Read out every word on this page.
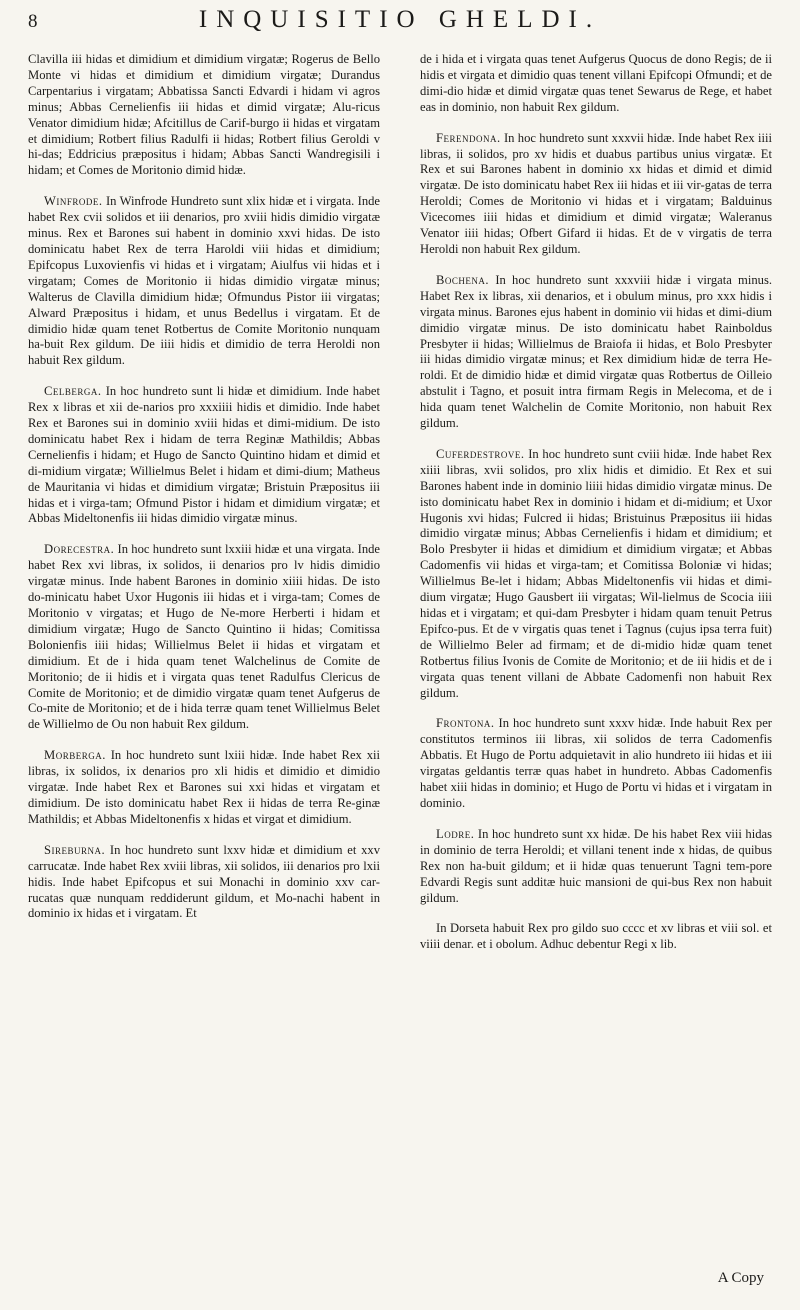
8	INQUISITIO GHELDI.

Clavilla iii hidas et dimidium et dimidium virgatæ; Rogerus de Bello Monte vi hidas et dimidium et dimidium virgatæ; Durandus Carpentarius i virgatam; Abbatissa Sancti Edvardi i hidam vi agros minus; Abbas Cernelienfis iii hidas et dimid virgatæ; Alu-ricus Venator dimidium hidæ; Afcitillus de Carif-burgo ii hidas et virgatam et dimidium; Rotbert filius Radulfi ii hidas; Rotbert filius Geroldi v hi-das; Eddricius præpositus i hidam; Abbas Sancti Wandregisili i hidam; et Comes de Moritonio dimid hidæ.

Winfrode. In Winfrode Hundreto sunt xlix hidæ et i virgata. Inde habet Rex cvii solidos et iii denarios, pro xviii hidis dimidio virgatæ minus. Rex et Barones sui habent in dominio xxvi hidas. De isto dominicatu habet Rex de terra Haroldi viii hidas et dimidium; Epifcopus Luxovienfis vi hidas et i virgatam; Aiulfus vii hidas et i virgatam; Comes de Moritonio ii hidas dimidio virgatæ minus; Walterus de Clavilla dimidium hidæ; Ofmundus Pistor iii virgatas; Alward Præpositus i hidam, et unus Bedellus i virgatam. Et de dimidio hidæ quam tenet Rotbertus de Comite Moritonio nunquam ha-buit Rex gildum. De iiii hidis et dimidio de terra Heroldi non habuit Rex gildum.

Celberga. In hoc hundreto sunt li hidæ et dimidium. Inde habet Rex x libras et xii de-narios pro xxxiiii hidis et dimidio. Inde habet Rex et Barones sui in dominio xviii hidas et dimi-midium. De isto dominicatu habet Rex i hidam de terra Reginæ Mathildis; Abbas Cernelienfis i hidam; et Hugo de Sancto Quintino hidam et dimid et di-midium virgatæ; Willielmus Belet i hidam et dimi-dium; Matheus de Mauritania vi hidas et dimidium virgatæ; Bristuin Præpositus iii hidas et i virga-tam; Ofmund Pistor i hidam et dimidium virgatæ; et Abbas Mideltonenfis iii hidas dimidio virgatæ minus.

Dorecestra. In hoc hundreto sunt lxxiii hidæ et una virgata. Inde habet Rex xvi libras, ix solidos, ii denarios pro lv hidis dimidio virgatæ minus. Inde habent Barones in dominio xiiii hidas. De isto do-minicatu habet Uxor Hugonis iii hidas et i virga-tam; Comes de Moritonio v virgatas; et Hugo de Ne-more Herberti i hidam et dimidium virgatæ; Hugo de Sancto Quintino ii hidas; Comitissa Bolonienfis iiii hidas; Willielmus Belet ii hidas et virgatam et dimidium. Et de i hida quam tenet Walchelinus de Comite de Moritonio; de ii hidis et i virgata quas tenet Radulfus Clericus de Comite de Moritonio; et de dimidio virgatæ quam tenet Aufgerus de Co-mite de Moritonio; et de i hida terræ quam tenet Willielmus Belet de Willielmo de Ou non habuit Rex gildum.

Morberga. In hoc hundreto sunt lxiii hidæ. Inde habet Rex xii libras, ix solidos, ix denarios pro xli hidis et dimidio et dimidio virgatæ. Inde habet Rex et Barones sui xxi hidas et virgatam et dimidium. De isto dominicatu habet Rex ii hidas de terra Re-ginæ Mathildis; et Abbas Mideltonenfis x hidas et virgat et dimidium.

Sireburna. In hoc hundreto sunt lxxv hidæ et dimidium et xxv carrucatæ. Inde habet Rex xviii libras, xii solidos, iii denarios pro lxii hidis. Inde habet Epifcopus et sui Monachi in dominio xxv car-rucatas quæ nunquam reddiderunt gildum, et Mo-nachi habent in dominio ix hidas et i virgatam. Et

de i hida et i virgata quas tenet Aufgerus Quocus de dono Regis; de ii hidis et virgata et dimidio quas tenent villani Epifcopi Ofmundi; et de dimi-dio hidæ et dimid virgatæ quas tenet Sewarus de Rege, et habet eas in dominio, non habuit Rex gildum.

Ferendona. In hoc hundreto sunt xxxvii hidæ. Inde habet Rex iiii libras, ii solidos, pro xv hidis et duabus partibus unius virgatæ. Et Rex et sui Barones habent in dominio xx hidas et dimid et dimid virgatæ. De isto dominicatu habet Rex iii hidas et iii vir-gatas de terra Heroldi; Comes de Moritonio vi hidas et i virgatam; Balduinus Vicecomes iiii hidas et dimidium et dimid virgatæ; Waleranus Venator iiii hidas; Ofbert Gifard ii hidas. Et de v virgatis de terra Heroldi non habuit Rex gildum.

Bochena. In hoc hundreto sunt xxxviii hidæ i virgata minus. Habet Rex ix libras, xii denarios, et i obulum minus, pro xxx hidis i virgata minus. Barones ejus habent in dominio vii hidas et dimi-dium dimidio virgatæ minus. De isto dominicatu habet Rainboldus Presbyter ii hidas; Willielmus de Braiofa ii hidas, et Bolo Presbyter iii hidas dimidio virgatæ minus; et Rex dimidium hidæ de terra He-roldi. Et de dimidio hidæ et dimid virgatæ quas Rotbertus de Oilleio abstulit i Tagno, et posuit intra firmam Regis in Melecoma, et de i hida quam tenet Walchelin de Comite Moritonio, non habuit Rex gildum.

Cuferdestrove. In hoc hundreto sunt cviii hidæ. Inde habet Rex xiiii libras, xvii solidos, pro xlix hidis et dimidio. Et Rex et sui Barones habent inde in dominio liiii hidas dimidio virgatæ minus. De isto dominicatu habet Rex in dominio i hidam et di-midium; et Uxor Hugonis xvi hidas; Fulcred ii hidas; Bristuinus Præpositus iii hidas dimidio virgatæ minus; Abbas Cernelienfis i hidam et dimidium; et Bolo Presbyter ii hidas et dimidium et dimidium virgatæ; et Abbas Cadomenfis vii hidas et virga-tam; et Comitissa Boloniæ vi hidas; Willielmus Be-let i hidam; Abbas Mideltonenfis vii hidas et dimi-dium virgatæ; Hugo Gausbert iii virgatas; Wil-lielmus de Scocia iiii hidas et i virgatam; et qui-dam Presbyter i hidam quam tenuit Petrus Epifco-pus. Et de v virgatis quas tenet i Tagnus (cujus ipsa terra fuit) de Willielmo Beler ad firmam; et de di-midio hidæ quam tenet Rotbertus filius Ivonis de Comite de Moritonio; et de iii hidis et de i virgata quas tenent villani de Abbate Cadomenfi non habuit Rex gildum.

Frontona. In hoc hundreto sunt xxxv hidæ. Inde habuit Rex per constitutos terminos iii libras, xii solidos de terra Cadomenfis Abbatis. Et Hugo de Portu adquietavit in alio hundreto iii hidas et iii virgatas geldantis terræ quas habet in hundreto. Abbas Cadomenfis habet xiii hidas in dominio; et Hugo de Portu vi hidas et i virgatam in dominio.

Lodre. In hoc hundreto sunt xx hidæ. De his habet Rex viii hidas in dominio de terra Heroldi; et villani tenent inde x hidas, de quibus Rex non ha-buit gildum; et ii hidæ quas tenuerunt Tagni tem-pore Edvardi Regis sunt additæ huic mansioni de qui-bus Rex non habuit gildum.

In Dorseta habuit Rex pro gildo suo cccc et xv libras et viii sol. et viiii denar. et i obolum. Adhuc debentur Regi x lib.

A Copy
